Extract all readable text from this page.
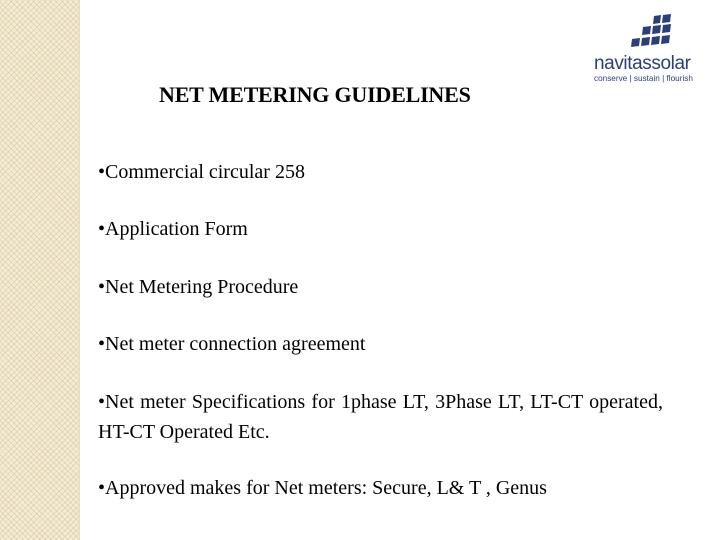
navitassolar
conserve | sustain | flourish
NET METERING GUIDELINES
•Commercial circular 258
•Application Form
•Net Metering Procedure
•Net meter connection agreement
•Net meter Specifications for 1phase LT, 3Phase LT, LT-CT operated, HT-CT Operated Etc.
•Approved makes for Net meters: Secure, L& T , Genus
